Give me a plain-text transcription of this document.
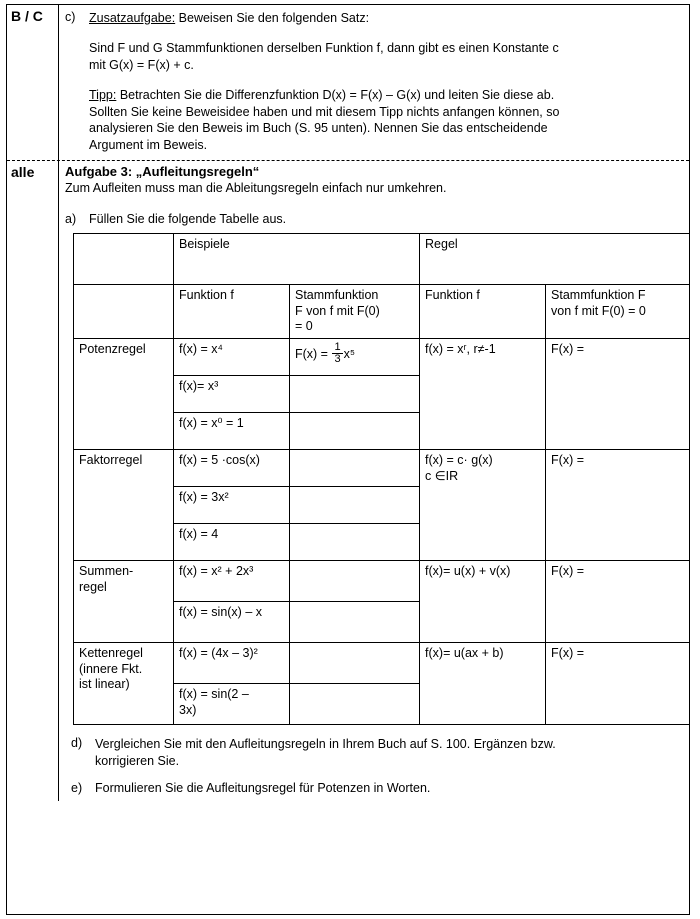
B / C	c)	Zusatzaufgabe: Beweisen Sie den folgenden Satz:

Sind F und G Stammfunktionen derselben Funktion f, dann gibt es einen Konstante c

mit G(x) = F(x) + c.

Tipp: Betrachten Sie die Differenzfunktion D(x) = F(x) – G(x) und leiten Sie diese ab.

Sollten Sie keine Beweisidee haben und mit diesem Tipp nichts anfangen können, so

analysieren Sie den Beweis im Buch (S. 95 unten). Nennen Sie das entscheidende

Argument im Beweis.

alle	Aufgabe 3: „Aufleitungsregeln“

Zum Aufleiten muss man die Ableitungsregeln einfach nur umkehren.

a)	Füllen Sie die folgende Tabelle aus.
	Beispiele		Regel	
	Funktion f	Stammfunktion
F von f mit F(0)
= 0	Funktion f	Stammfunktion F
von f mit F(0) = 0
Potenzregel	f(x) = x⁴	$F(x) = \frac{1}{3} x^5$	f(x) = xʳ, r≠-1	F(x) =
	f(x)= x³			
	f(x) = x⁰ = 1			
Faktorregel	f(x) = 5 ·cos(x)		f(x) = c· g(x)
c ∈IR	F(x) =
	f(x) = 3x²			
	f(x) = 4			
Summen-
regel	f(x) = x² + 2x³		f(x)= u(x) + v(x)	F(x) =
	f(x) = sin(x) – x			
Kettenregel
(innere Fkt.
ist linear)	f(x) = (4x – 3)²		f(x)= u(ax + b)	F(x) =
	f(x) = sin(2 –
3x)			
d)	Vergleichen Sie mit den Aufleitungsregeln in Ihrem Buch auf S. 100. Ergänzen bzw.

korrigieren Sie.

e)	Formulieren Sie die Aufleitungsregel für Potenzen in Worten.
